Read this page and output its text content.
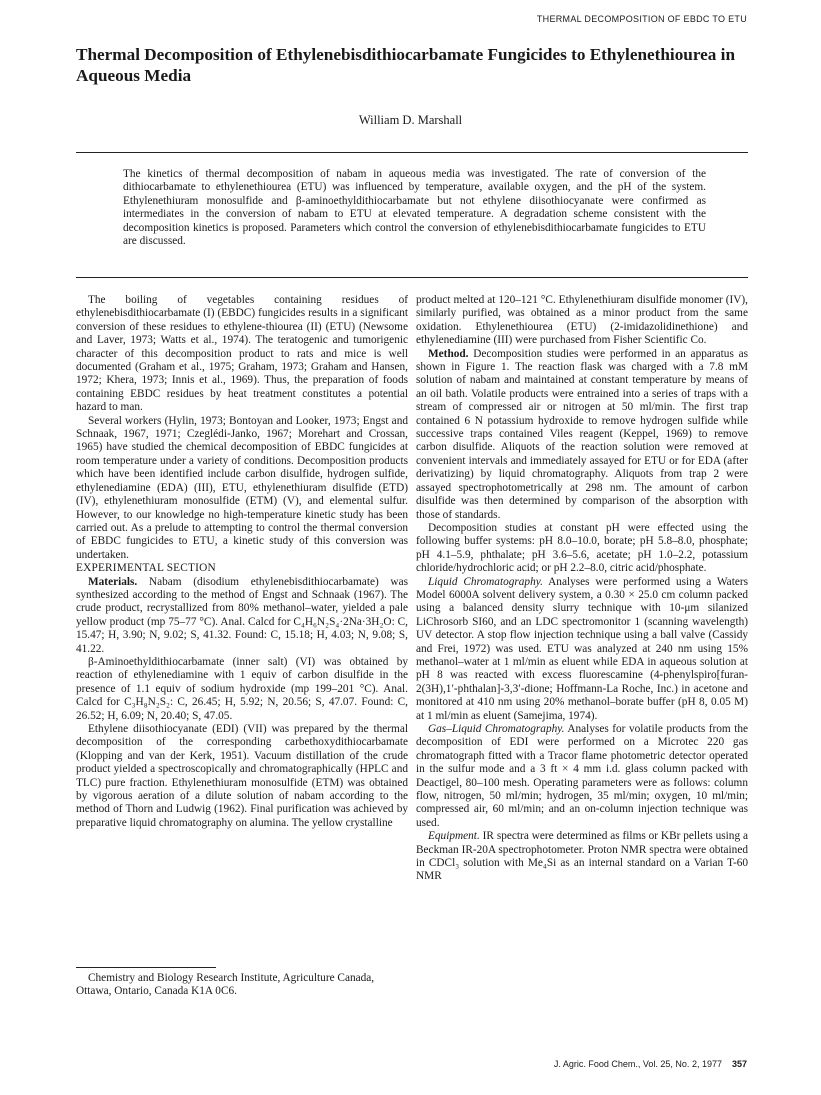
THERMAL DECOMPOSITION OF EBDC TO ETU
Thermal Decomposition of Ethylenebisdithiocarbamate Fungicides to Ethylenethiourea in Aqueous Media
William D. Marshall

The kinetics of thermal decomposition of nabam in aqueous media was investigated. The rate of conversion of the dithiocarbamate to ethylenethiourea (ETU) was influenced by temperature, available oxygen, and the pH of the system. Ethylenethiuram monosulfide and β-aminoethyldithiocarbamate but not ethylene diisothiocyanate were confirmed as intermediates in the conversion of nabam to ETU at elevated temperature. A degradation scheme consistent with the decomposition kinetics is proposed. Parameters which control the conversion of ethylenebisdithiocarbamate fungicides to ETU are discussed.

The boiling of vegetables containing residues of ethylenebisdithiocarbamate (I) (EBDC) fungicides results in a significant conversion of these residues to ethylene-thiourea (II) (ETU) (Newsome and Laver, 1973; Watts et al., 1974). The teratogenic and tumorigenic character of this decomposition product to rats and mice is well documented (Graham et al., 1975; Graham, 1973; Graham and Hansen, 1972; Khera, 1973; Innis et al., 1969). Thus, the preparation of foods containing EBDC residues by heat treatment constitutes a potential hazard to man.

Several workers (Hylin, 1973; Bontoyan and Looker, 1973; Engst and Schnaak, 1967, 1971; Czeglédi-Janko, 1967; Morehart and Crossan, 1965) have studied the chemical decomposition of EBDC fungicides at room temperature under a variety of conditions. Decomposition products which have been identified include carbon disulfide, hydrogen sulfide, ethylenediamine (EDA) (III), ETU, ethylenethiuram disulfide (ETD) (IV), ethylenethiuram monosulfide (ETM) (V), and elemental sulfur. However, to our knowledge no high-temperature kinetic study has been carried out. As a prelude to attempting to control the thermal conversion of EBDC fungicides to ETU, a kinetic study of this conversion was undertaken.

EXPERIMENTAL SECTION

Materials. Nabam (disodium ethylenebisdithiocarbamate) was synthesized according to the method of Engst and Schnaak (1967). The crude product, recrystallized from 80% methanol–water, yielded a pale yellow product (mp 75–77 °C). Anal. Calcd for C₄H₆N₂S₄·2Na·3H₂O: C, 15.47; H, 3.90; N, 9.02; S, 41.32. Found: C, 15.18; H, 4.03; N, 9.08; S, 41.22.

β-Aminoethyldithiocarbamate (inner salt) (VI) was obtained by reaction of ethylenediamine with 1 equiv of carbon disulfide in the presence of 1.1 equiv of sodium hydroxide (mp 199–201 °C). Anal. Calcd for C₃H₈N₂S₂: C, 26.45; H, 5.92; N, 20.56; S, 47.07. Found: C, 26.52; H, 6.09; N, 20.40; S, 47.05.

Ethylene diisothiocyanate (EDI) (VII) was prepared by the thermal decomposition of the corresponding carbethoxydithiocarbamate (Klopping and van der Kerk, 1951). Vacuum distillation of the crude product yielded a spectroscopically and chromatographically (HPLC and TLC) pure fraction. Ethylenethiuram monosulfide (ETM) was obtained by vigorous aeration of a dilute solution of nabam according to the method of Thorn and Ludwig (1962). Final purification was achieved by preparative liquid chromatography on alumina. The yellow crystalline

Chemistry and Biology Research Institute, Agriculture Canada, Ottawa, Ontario, Canada K1A 0C6.

product melted at 120–121 °C. Ethylenethiuram disulfide monomer (IV), similarly purified, was obtained as a minor product from the same oxidation. Ethylenethiourea (ETU) (2-imidazolidinethione) and ethylenediamine (III) were purchased from Fisher Scientific Co.

Method. Decomposition studies were performed in an apparatus as shown in Figure 1. The reaction flask was charged with a 7.8 mM solution of nabam and maintained at constant temperature by means of an oil bath. Volatile products were entrained into a series of traps with a stream of compressed air or nitrogen at 50 ml/min. The first trap contained 6 N potassium hydroxide to remove hydrogen sulfide while successive traps contained Viles reagent (Keppel, 1969) to remove carbon disulfide. Aliquots of the reaction solution were removed at convenient intervals and immediately assayed for ETU or for EDA (after derivatizing) by liquid chromatography. Aliquots from trap 2 were assayed spectrophotometrically at 298 nm. The amount of carbon disulfide was then determined by comparison of the absorption with those of standards.

Decomposition studies at constant pH were effected using the following buffer systems: pH 8.0–10.0, borate; pH 5.8–8.0, phosphate; pH 4.1–5.9, phthalate; pH 3.6–5.6, acetate; pH 1.0–2.2, potassium chloride/hydrochloric acid; or pH 2.2–8.0, citric acid/phosphate.

Liquid Chromatography. Analyses were performed using a Waters Model 6000A solvent delivery system, a 0.30 × 25.0 cm column packed using a balanced density slurry technique with 10-μm silanized LiChrosorb SI60, and an LDC spectromonitor 1 (scanning wavelength) UV detector. A stop flow injection technique using a ball valve (Cassidy and Frei, 1972) was used. ETU was analyzed at 240 nm using 15% methanol–water at 1 ml/min as eluent while EDA in aqueous solution at pH 8 was reacted with excess fluorescamine (4-phenylspiro[furan-2(3H),1′-phthalan]-3,3′-dione; Hoffmann-La Roche, Inc.) in acetone and monitored at 410 nm using 20% methanol–borate buffer (pH 8, 0.05 M) at 1 ml/min as eluent (Samejima, 1974).

Gas–Liquid Chromatography. Analyses for volatile products from the decomposition of EDI were performed on a Microtec 220 gas chromatograph fitted with a Tracor flame photometric detector operated in the sulfur mode and a 3 ft × 4 mm i.d. glass column packed with Deactigel, 80–100 mesh. Operating parameters were as follows: column flow, nitrogen, 50 ml/min; hydrogen, 35 ml/min; oxygen, 10 ml/min; compressed air, 60 ml/min; and an on-column injection technique was used.

Equipment. IR spectra were determined as films or KBr pellets using a Beckman IR-20A spectrophotometer. Proton NMR spectra were obtained in CDCl₃ solution with Me₄Si as an internal standard on a Varian T-60 NMR

J. Agric. Food Chem., Vol. 25, No. 2, 1977 357
